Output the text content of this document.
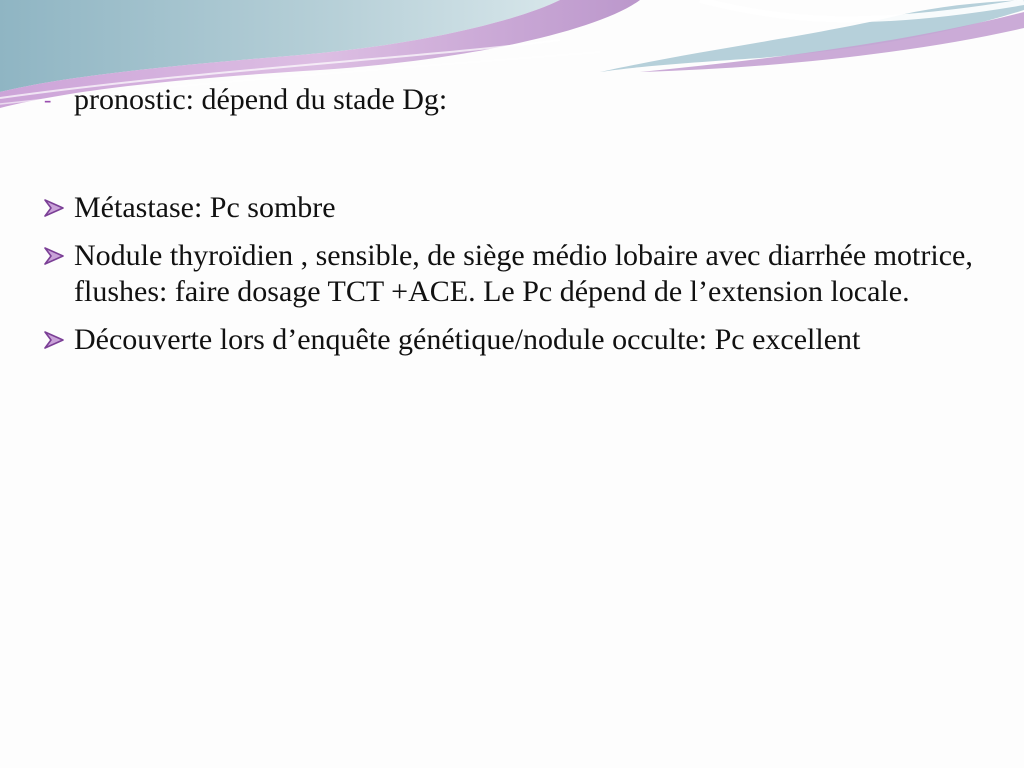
- pronostic: dépend du stade Dg:
Métastase: Pc sombre
Nodule thyroïdien , sensible, de siège médio lobaire avec diarrhée motrice, flushes: faire dosage TCT +ACE. Le Pc dépend de l’extension locale.
Découverte lors d’enquête génétique/nodule occulte: Pc excellent
